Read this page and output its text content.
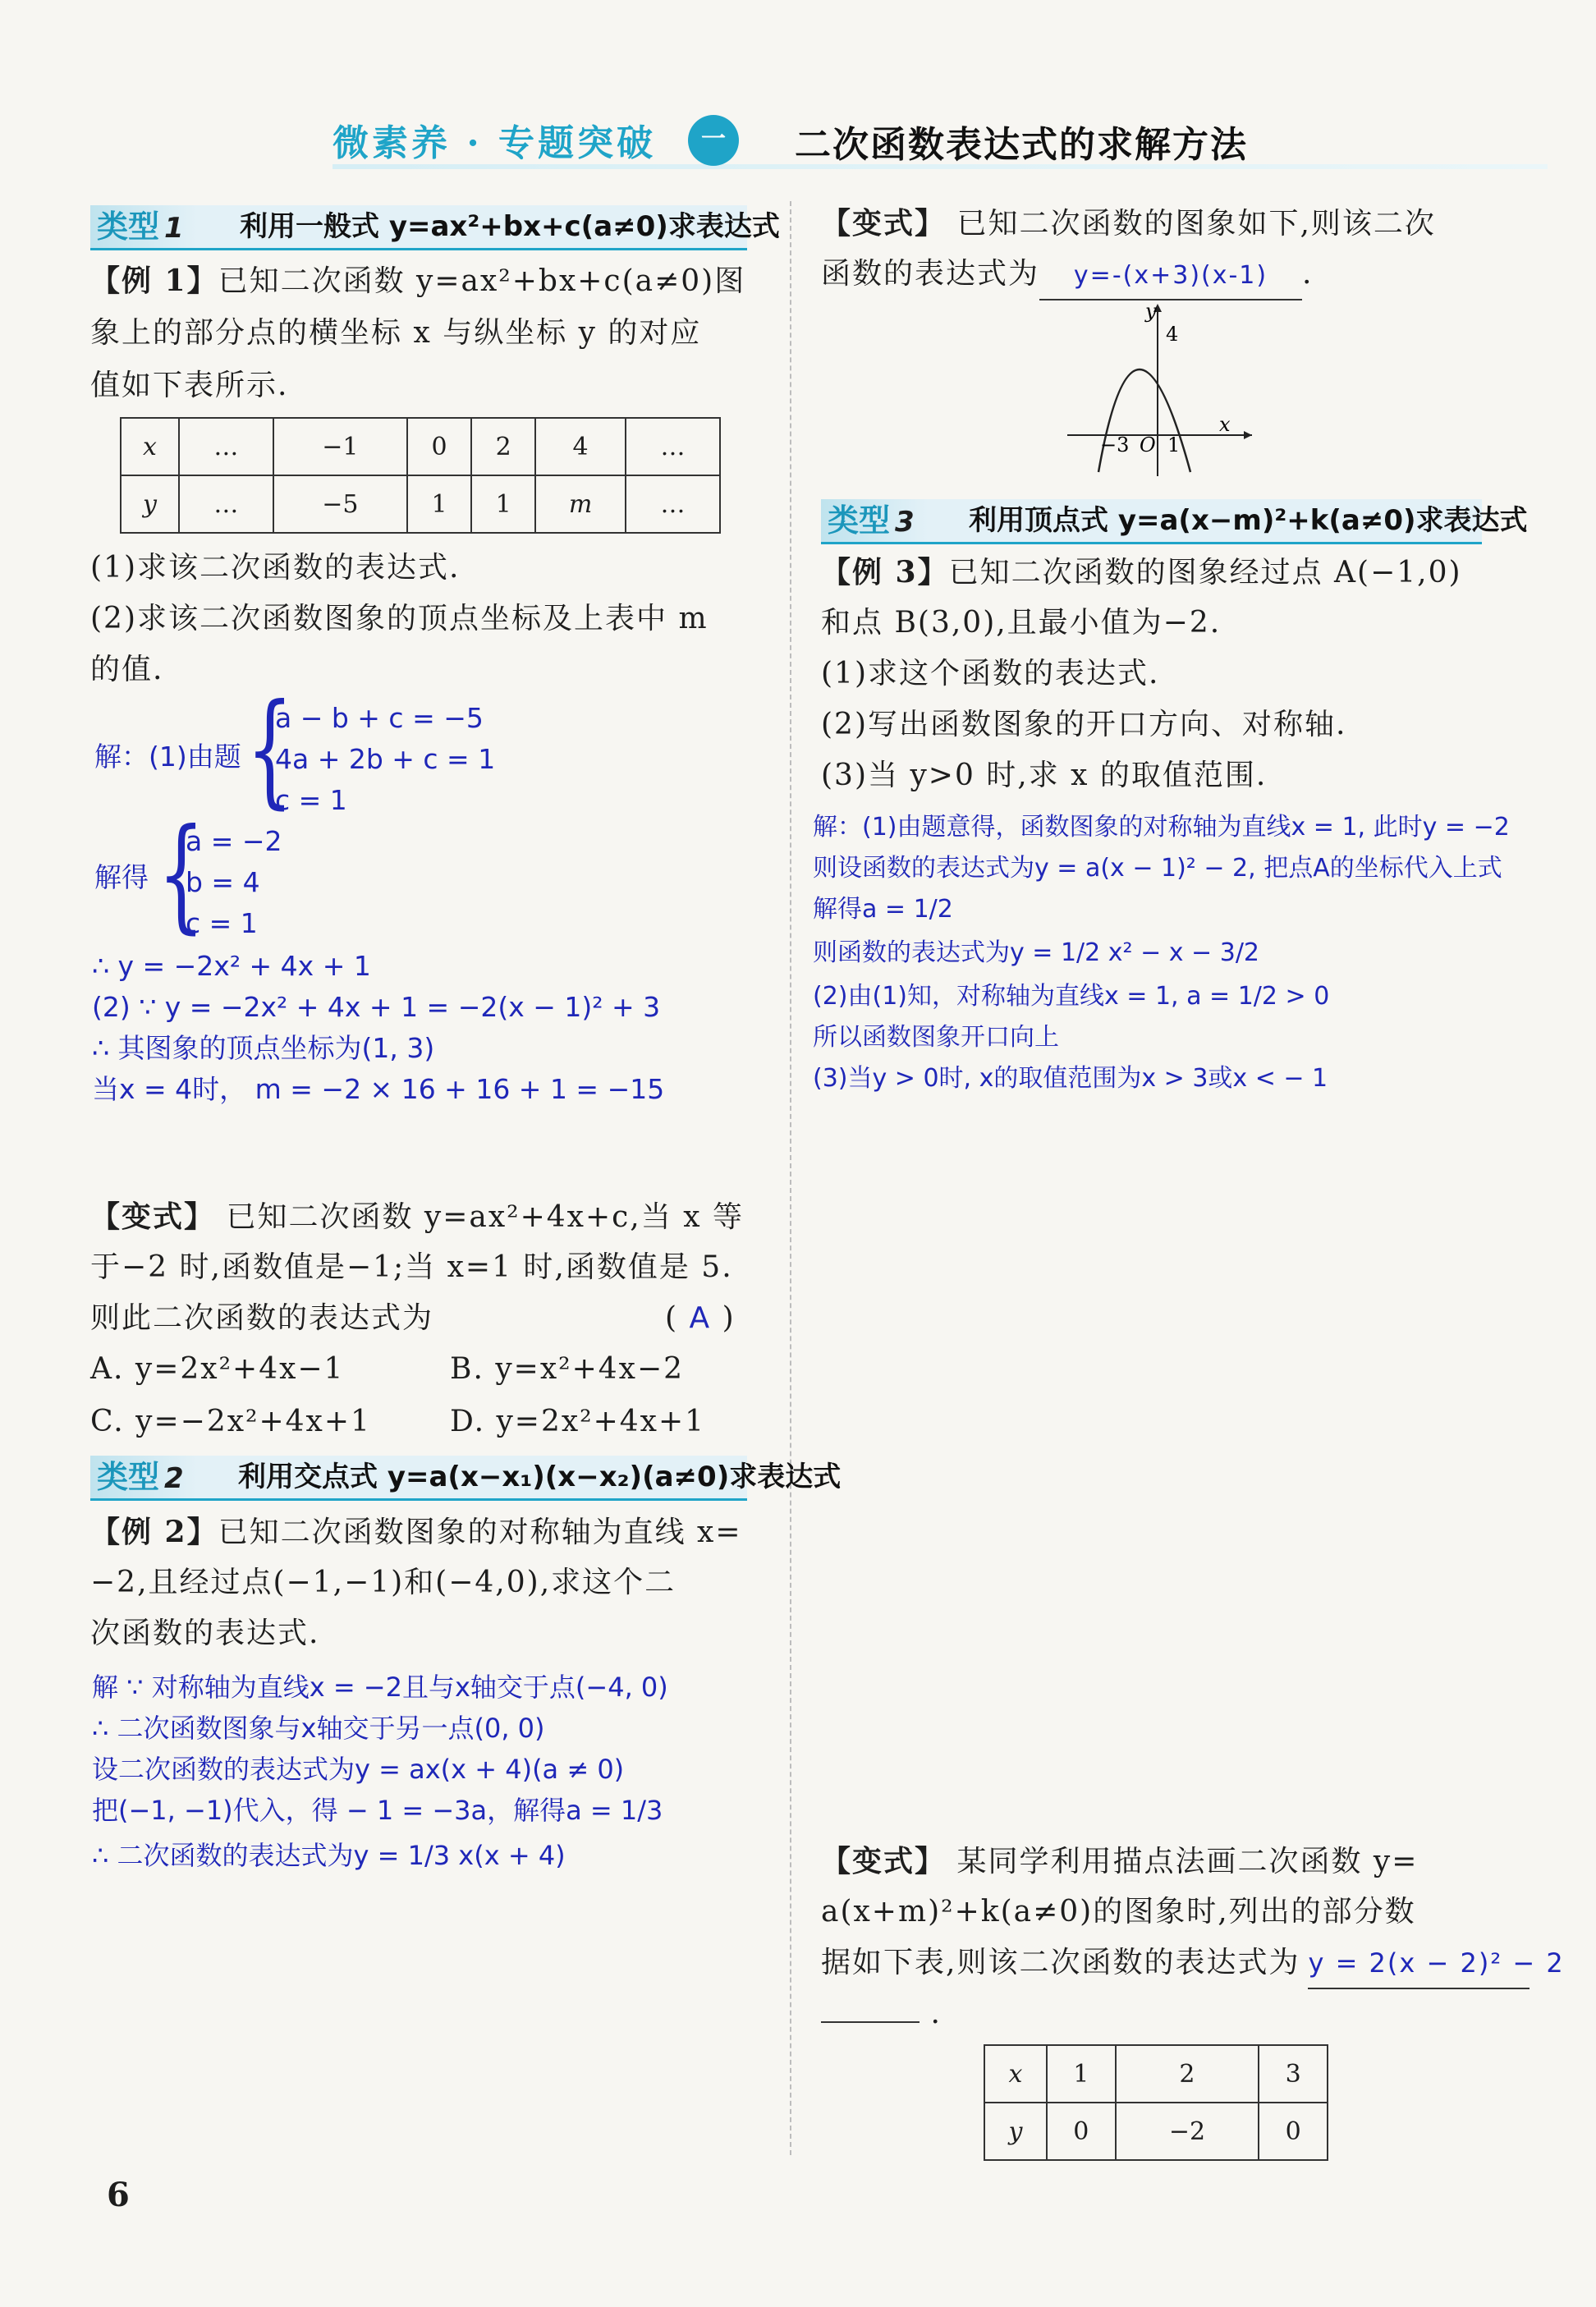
微素养 · 专题突破	一	二次函数表达式的求解方法
类型 1	利用一般式 y=ax²+bx+c(a≠0)求表达式
【例 1】已知二次函数 y=ax²+bx+c(a≠0)图
象上的部分点的横坐标 x 与纵坐标 y 的对应
值如下表所示.
x	…	−1	0	2	4	…
y	…	−5	1	1	m	…
(1)求该二次函数的表达式.
(2)求该二次函数图象的顶点坐标及上表中 m
的值.
解：(1)由题 {
a − b + c = −5
4a + 2b + c = 1
c = 1
解得 {
a = −2
b = 4
c = 1
∴ y = −2x² + 4x + 1
(2) ∵ y = −2x² + 4x + 1 = −2(x − 1)² + 3
∴ 其图象的顶点坐标为(1, 3)
当x = 4时， m = −2 × 16 + 16 + 1 = −15
【变式】 已知二次函数 y=ax²+4x+c,当 x 等
于−2 时,函数值是−1;当 x=1 时,函数值是 5.
则此二次函数的表达式为	( A )
A. y=2x²+4x−1	B. y=x²+4x−2
C. y=−2x²+4x+1	D. y=2x²+4x+1
类型 2	利用交点式 y=a(x−x₁)(x−x₂)(a≠0)求表达式
【例 2】已知二次函数图象的对称轴为直线 x=
−2,且经过点(−1,−1)和(−4,0),求这个二
次函数的表达式.
解 ∵ 对称轴为直线x = −2且与x轴交于点(−4, 0)
∴ 二次函数图象与x轴交于另一点(0, 0)
设二次函数的表达式为y = ax(x + 4)(a ≠ 0)
把(−1, −1)代入，得 − 1 = −3a，解得a = 1/3
∴ 二次函数的表达式为y = 1/3 x(x + 4)
【变式】 已知二次函数的图象如下,则该二次
函数的表达式为 y=-(x+3)(x-1) .
y
4
−3 O 1
x
类型 3	利用顶点式 y=a(x−m)²+k(a≠0)求表达式
【例 3】已知二次函数的图象经过点 A(−1,0)
和点 B(3,0),且最小值为−2.
(1)求这个函数的表达式.
(2)写出函数图象的开口方向、对称轴.
(3)当 y>0 时,求 x 的取值范围.
解：(1)由题意得，函数图象的对称轴为直线x = 1, 此时y = −2
则设函数的表达式为y = a(x − 1)² − 2, 把点A的坐标代入上式
解得a = 1/2
则函数的表达式为y = 1/2 x² − x − 3/2
(2)由(1)知，对称轴为直线x = 1, a = 1/2 > 0
所以函数图象开口向上
(3)当y > 0时, x的取值范围为x > 3或x < − 1
【变式】 某同学利用描点法画二次函数 y=
a(x+m)²+k(a≠0)的图象时,列出的部分数
据如下表,则该二次函数的表达式为 y = 2(x − 2)² − 2
.
x	1	2	3
y	0	−2	0
6
